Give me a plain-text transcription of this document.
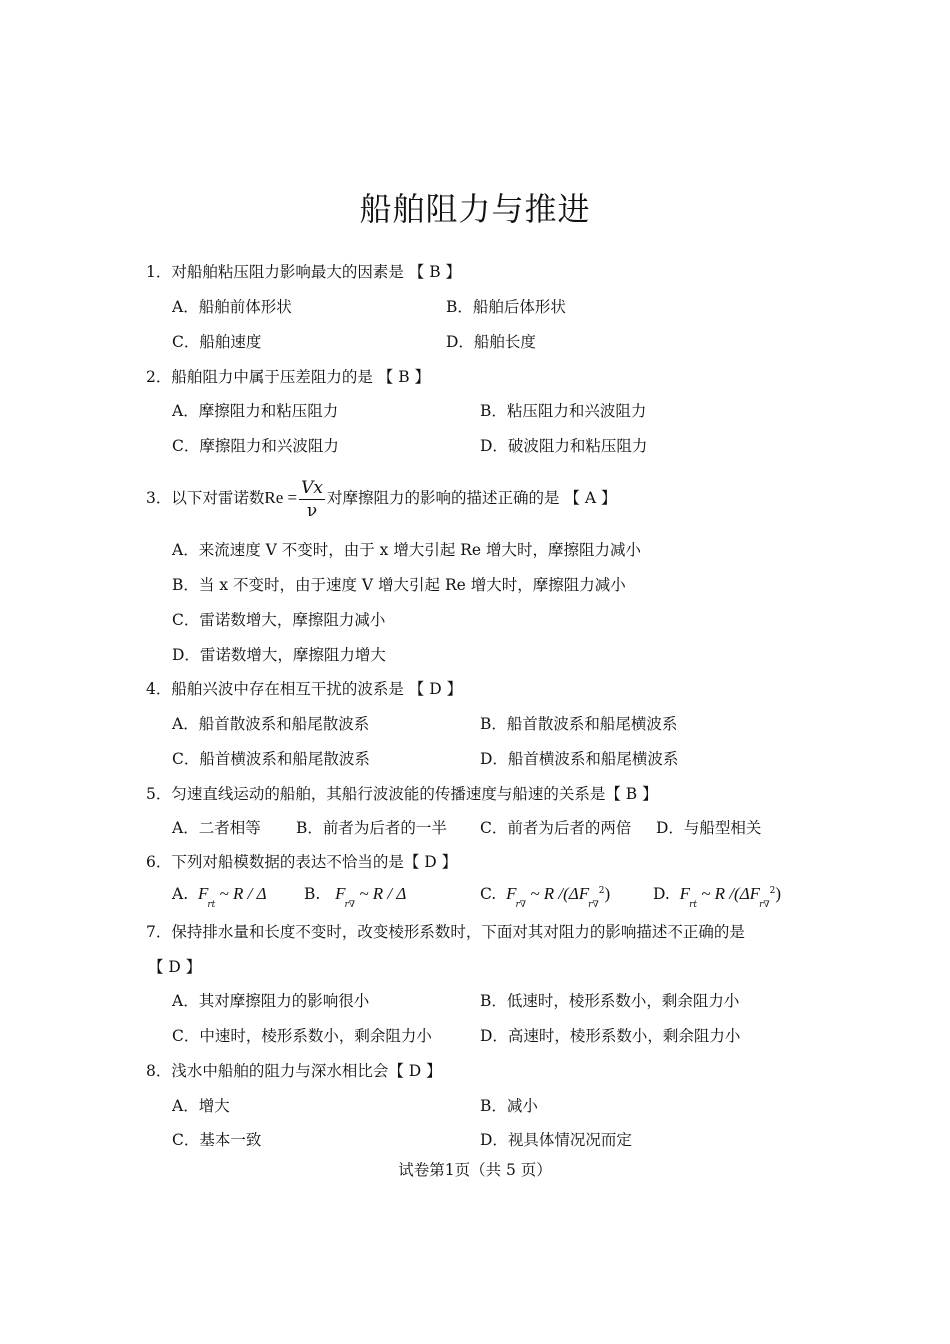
船舶阻力与推进
1．对船舶粘压阻力影响最大的因素是 【 B 】
A．船舶前体形状	B．船舶后体形状
C．船舶速度	D．船舶长度
2．船舶阻力中属于压差阻力的是 【 B 】
A．摩擦阻力和粘压阻力	B．粘压阻力和兴波阻力
C．摩擦阻力和兴波阻力	D．破波阻力和粘压阻力
3．以下对雷诺数$Re = \frac{Vx}{\nu}$ 对摩擦阻力的影响的描述正确的是 【 A 】
A．来流速度 V 不变时，由于 x 增大引起 Re 增大时，摩擦阻力减小
B．当 x 不变时，由于速度 V 增大引起 Re 增大时，摩擦阻力减小
C．雷诺数增大，摩擦阻力减小
D．雷诺数增大，摩擦阻力增大
4．船舶兴波中存在相互干扰的波系是 【 D 】
A．船首散波系和船尾散波系	B．船首散波系和船尾横波系
C．船首横波系和船尾散波系	D．船首横波系和船尾横波系
5．匀速直线运动的船舶，其船行波波能的传播速度与船速的关系是【 B 】
A．二者相等 B．前者为后者的一半 C．前者为后者的两倍 D．与船型相关
6．下列对船模数据的表达不恰当的是【 D 】
A. $F_{rt}$ ~ R / Δ B. $F_{r\nabla}$ ~ R / Δ	C. $F_{r\nabla}$ ~ R $/(\Delta F_{r\nabla}^2)$	D. $F_{rt}$ ~ R $/(\Delta F_{r\nabla}^2)$
7．保持排水量和长度不变时，改变棱形系数时，下面对其对阻力的影响描述不正确的是
【 D 】
A．其对摩擦阻力的影响很小	B．低速时，棱形系数小，剩余阻力小
C．中速时，棱形系数小，剩余阻力小	D．高速时，棱形系数小，剩余阻力小
8．浅水中船舶的阻力与深水相比会【 D 】
A．增大	B．减小
C．基本一致	D．视具体情况况而定
试卷第1页（共 5 页）
